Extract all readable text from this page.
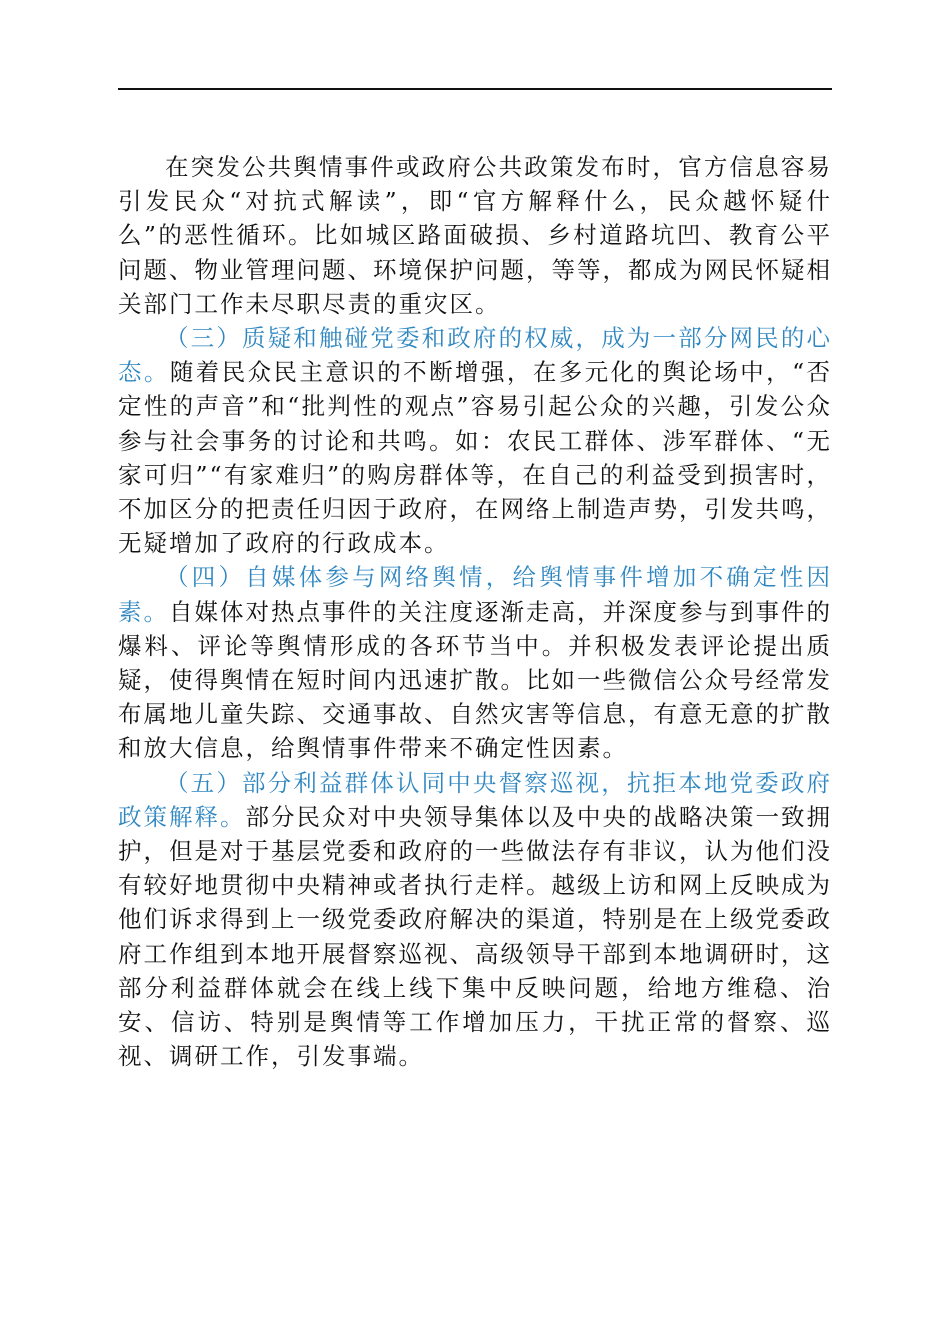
在突发公共舆情事件或政府公共政策发布时，官方信息容易引发民众“对抗式解读”，即“官方解释什么，民众越怀疑什么”的恶性循环。比如城区路面破损、乡村道路坑凹、教育公平问题、物业管理问题、环境保护问题，等等，都成为网民怀疑相关部门工作未尽职尽责的重灾区。

（三）质疑和触碰党委和政府的权威，成为一部分网民的心态。随着民众民主意识的不断增强，在多元化的舆论场中，“否定性的声音”和“批判性的观点”容易引起公众的兴趣，引发公众参与社会事务的讨论和共鸣。如：农民工群体、涉军群体、“无家可归”“有家难归”的购房群体等，在自己的利益受到损害时，不加区分的把责任归因于政府，在网络上制造声势，引发共鸣，无疑增加了政府的行政成本。

（四）自媒体参与网络舆情，给舆情事件增加不确定性因素。自媒体对热点事件的关注度逐渐走高，并深度参与到事件的爆料、评论等舆情形成的各环节当中。并积极发表评论提出质疑，使得舆情在短时间内迅速扩散。比如一些微信公众号经常发布属地儿童失踪、交通事故、自然灾害等信息，有意无意的扩散和放大信息，给舆情事件带来不确定性因素。

（五）部分利益群体认同中央督察巡视，抗拒本地党委政府政策解释。部分民众对中央领导集体以及中央的战略决策一致拥护，但是对于基层党委和政府的一些做法存有非议，认为他们没有较好地贯彻中央精神或者执行走样。越级上访和网上反映成为他们诉求得到上一级党委政府解决的渠道，特别是在上级党委政府工作组到本地开展督察巡视、高级领导干部到本地调研时，这部分利益群体就会在线上线下集中反映问题，给地方维稳、治安、信访、特别是舆情等工作增加压力，干扰正常的督察、巡视、调研工作，引发事端。
